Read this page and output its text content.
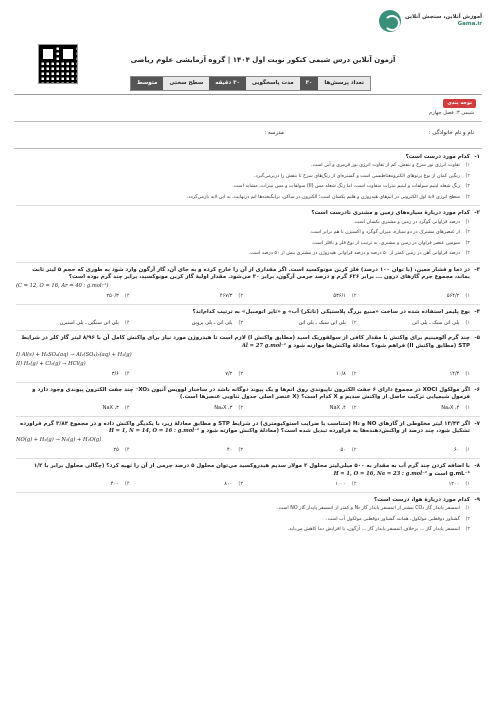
آموزش آنلاین، سنجش آنلاین
Gama.ir
آزمون آنلاین درس شیمی کنکور نوبت اول ۱۴۰۴ | گروه آزمایشی علوم ریاضی
تعداد پرسش‌ها
۳۰
مدت پاسخگویی
۳۰ دقیقه
سطح سختی
متوسط
توجه پندی
شیمی ۳: فصل چهارم
نام و نام خانوادگی :
مدرسه :
۱-
کدام مورد درست است؟
۱)
تفاوت انرژی نور سرخ و بنفش، کم از تفاوت انرژی نور قرمزی و آبی است.
۲)
رنگین کمان از نوع پرتوهای الکترومغناطیسی است و گستره‌ای از رنگ‌های سرخ تا بنفش را دربرمی‌گیرد.
۳)
رنگ شعله لیتیم سولفات و لیتیم نیترات متفاوت است، اما رنگ شعله مس (II) سولفات و مس نیترات، مشابه است.
۴)
سطح انرژی لایهٔ اول الکترونی در اتم‌های هیدروژن و هلیم یکسان است؛ الکترون در ساکن، برانگیخته‌ها اتم درنهایت، به این لایه بازمی‌گردد.
۲-
کدام مورد دربارهٔ سیاره‌های زمین و مشتری نادرست است؟
۱)
درصد فراوانی گوگرد در زمین و مشتری یکسان است.
۲)
از عنصرهای مشترک در دو سیاره، میزان گوگرد و اکسیژن با هم برابر است.
۳)
سومین عنصر فراوان در زمین و مشتری، به ترتیب از نوع فلز و نافلز است.
۴)
درصد فراوانی آهن در زمین کمتر از ۵۰ درصد و درصد فراوانی هیدروژن در مشتری بیش از ۵۰ درصد است.
۳-
در دما و فشار معین، (با توان ۱۰۰ درصد) فلز کربن مونوکسید است. اگر مقداری از آن را خارج کرده و به جای آن، گاز آرگون وارد شود به طوری که حجم ۵ لیتر ثابت بماند، مجموع جرم گازهای درون ... برابر ۶۲۶ گرم و درصد جرمی آرگون، برابر ۳۰ می‌شود. مقدار اولیهٔ گاز کربن مونوکسید، برابر چند گرم بوده است؟
(C = 12, O = 16, Ar = 40 : g.mol⁻¹)
۱)
۵۶۴/۲
۲)
۵۳۶/۱
۳)
۴۶۷/۳
۴)
۲۵۰/۳
۴-
نوع پلیمر استفاده شده در ساخت «منبع بزرگ پلاستیکی (تانکر) آب» و «تایر اتومبیل» به ترتیب کدام‌اند؟
۱)
پلی اتن سبک ـ پلی اتن
۲)
پلی اتن سبک ـ پلی اتن
۳)
پلی اتن ـ پلی پروپن
۴)
پلی اتن سنگین ـ پلی استیرن
۵-
چند گرم آلومینیم برای واکنش با مقدار کافی از سولفوریک اسید (مطابق واکنش I) لازم است تا هیدروژن مورد نیاز برای واکنش کامل آن با ۸/۹۶ لیتر گاز کلر در شرایط STP (مطابق واکنش II) فراهم شود؟ معادلهٔ واکنش‌ها موازنه شود و Al = 27 g.mol⁻¹
I) Al(s) + H₂SO₄(aq) → Al₂(SO₄)₃(aq) + H₂(g)
II) H₂(g) + Cl₂(g) → HCl(g)
۱)
۱۴/۴
۲)
۱۰/۸
۳)
۷/۲
۴)
۳/۶
۶-
اگر مولکول XOCl در مجموع دارای ۶ جفت الکترون ناپیوندی روی اتم‌ها و یک پیوند دوگانه باشد در ساختار لوویس آنیون XO₂⁻ چند جفت الکترون پیوندی وجود دارد و فرمول شیمیایی ترکیب حاصل از واکنش سدیم و X کدام است؟ (X عنصر اصلی جدول تناوبی عنصرها است.)
۱)
Na₂X ،۴
۲)
NaX ،۴
۳)
Na₂X ،۳
۴)
NaX ،۳
۷-
اگر ۱۳/۴۴ لیتر مخلوطی از گازهای NO و H₂ (متناسب با ضرایب استوکیومتری) در شرایط STP و مطابق معادلهٔ زیر، با یکدیگر واکنش داده و در مجموع ۳/۸۴ گرم فراورده تشکیل شود، چند درصد از واکنش‌دهنده‌ها به فراورده تبدیل شده است؟ (معادلهٔ واکنش موازنه شود و H = 1, N = 14, O = 16 : g.mol⁻¹
NO(g) + H₂(g) → N₂(g) + H₂O(g)
۱)
۶۰
۲)
۵۰
۳)
۴۰
۴)
۲۵
۸-
با اضافه کردن چند گرم آب به مقدار به ۵۰۰ میلی‌لیتر محلول ۲ مولار سدیم هیدروکسید می‌توان محلول ۵ درصد جرمی از آن را تهیه کرد؟ (چگالی محلول برابر با ۱/۲ g.mL⁻¹ است و H = 1, O = 16, Na = 23 : g.mol⁻¹
۱)
۱۲۰۰
۲)
۱۰۰۰
۳)
۸۰۰
۴)
۴۰۰
۹-
کدام مورد دربارهٔ هوا، درست است؟
۱)
اتمسفر پایدار گاز CO₂ بیشتر از اتمسفر پایدار گاز N₂ و کمتر از اتمسفر پایدار گاز NO است.
۲)
گشتاور دوقطبی مولکول، همانند گشتاور دوقطبی مولکول آب است.
۳)
اتمسفر پایدار گاز ... برخلاف اتمسفر پایدار گاز ... آرگون، با افزایش دما کاهش می‌یابد.
